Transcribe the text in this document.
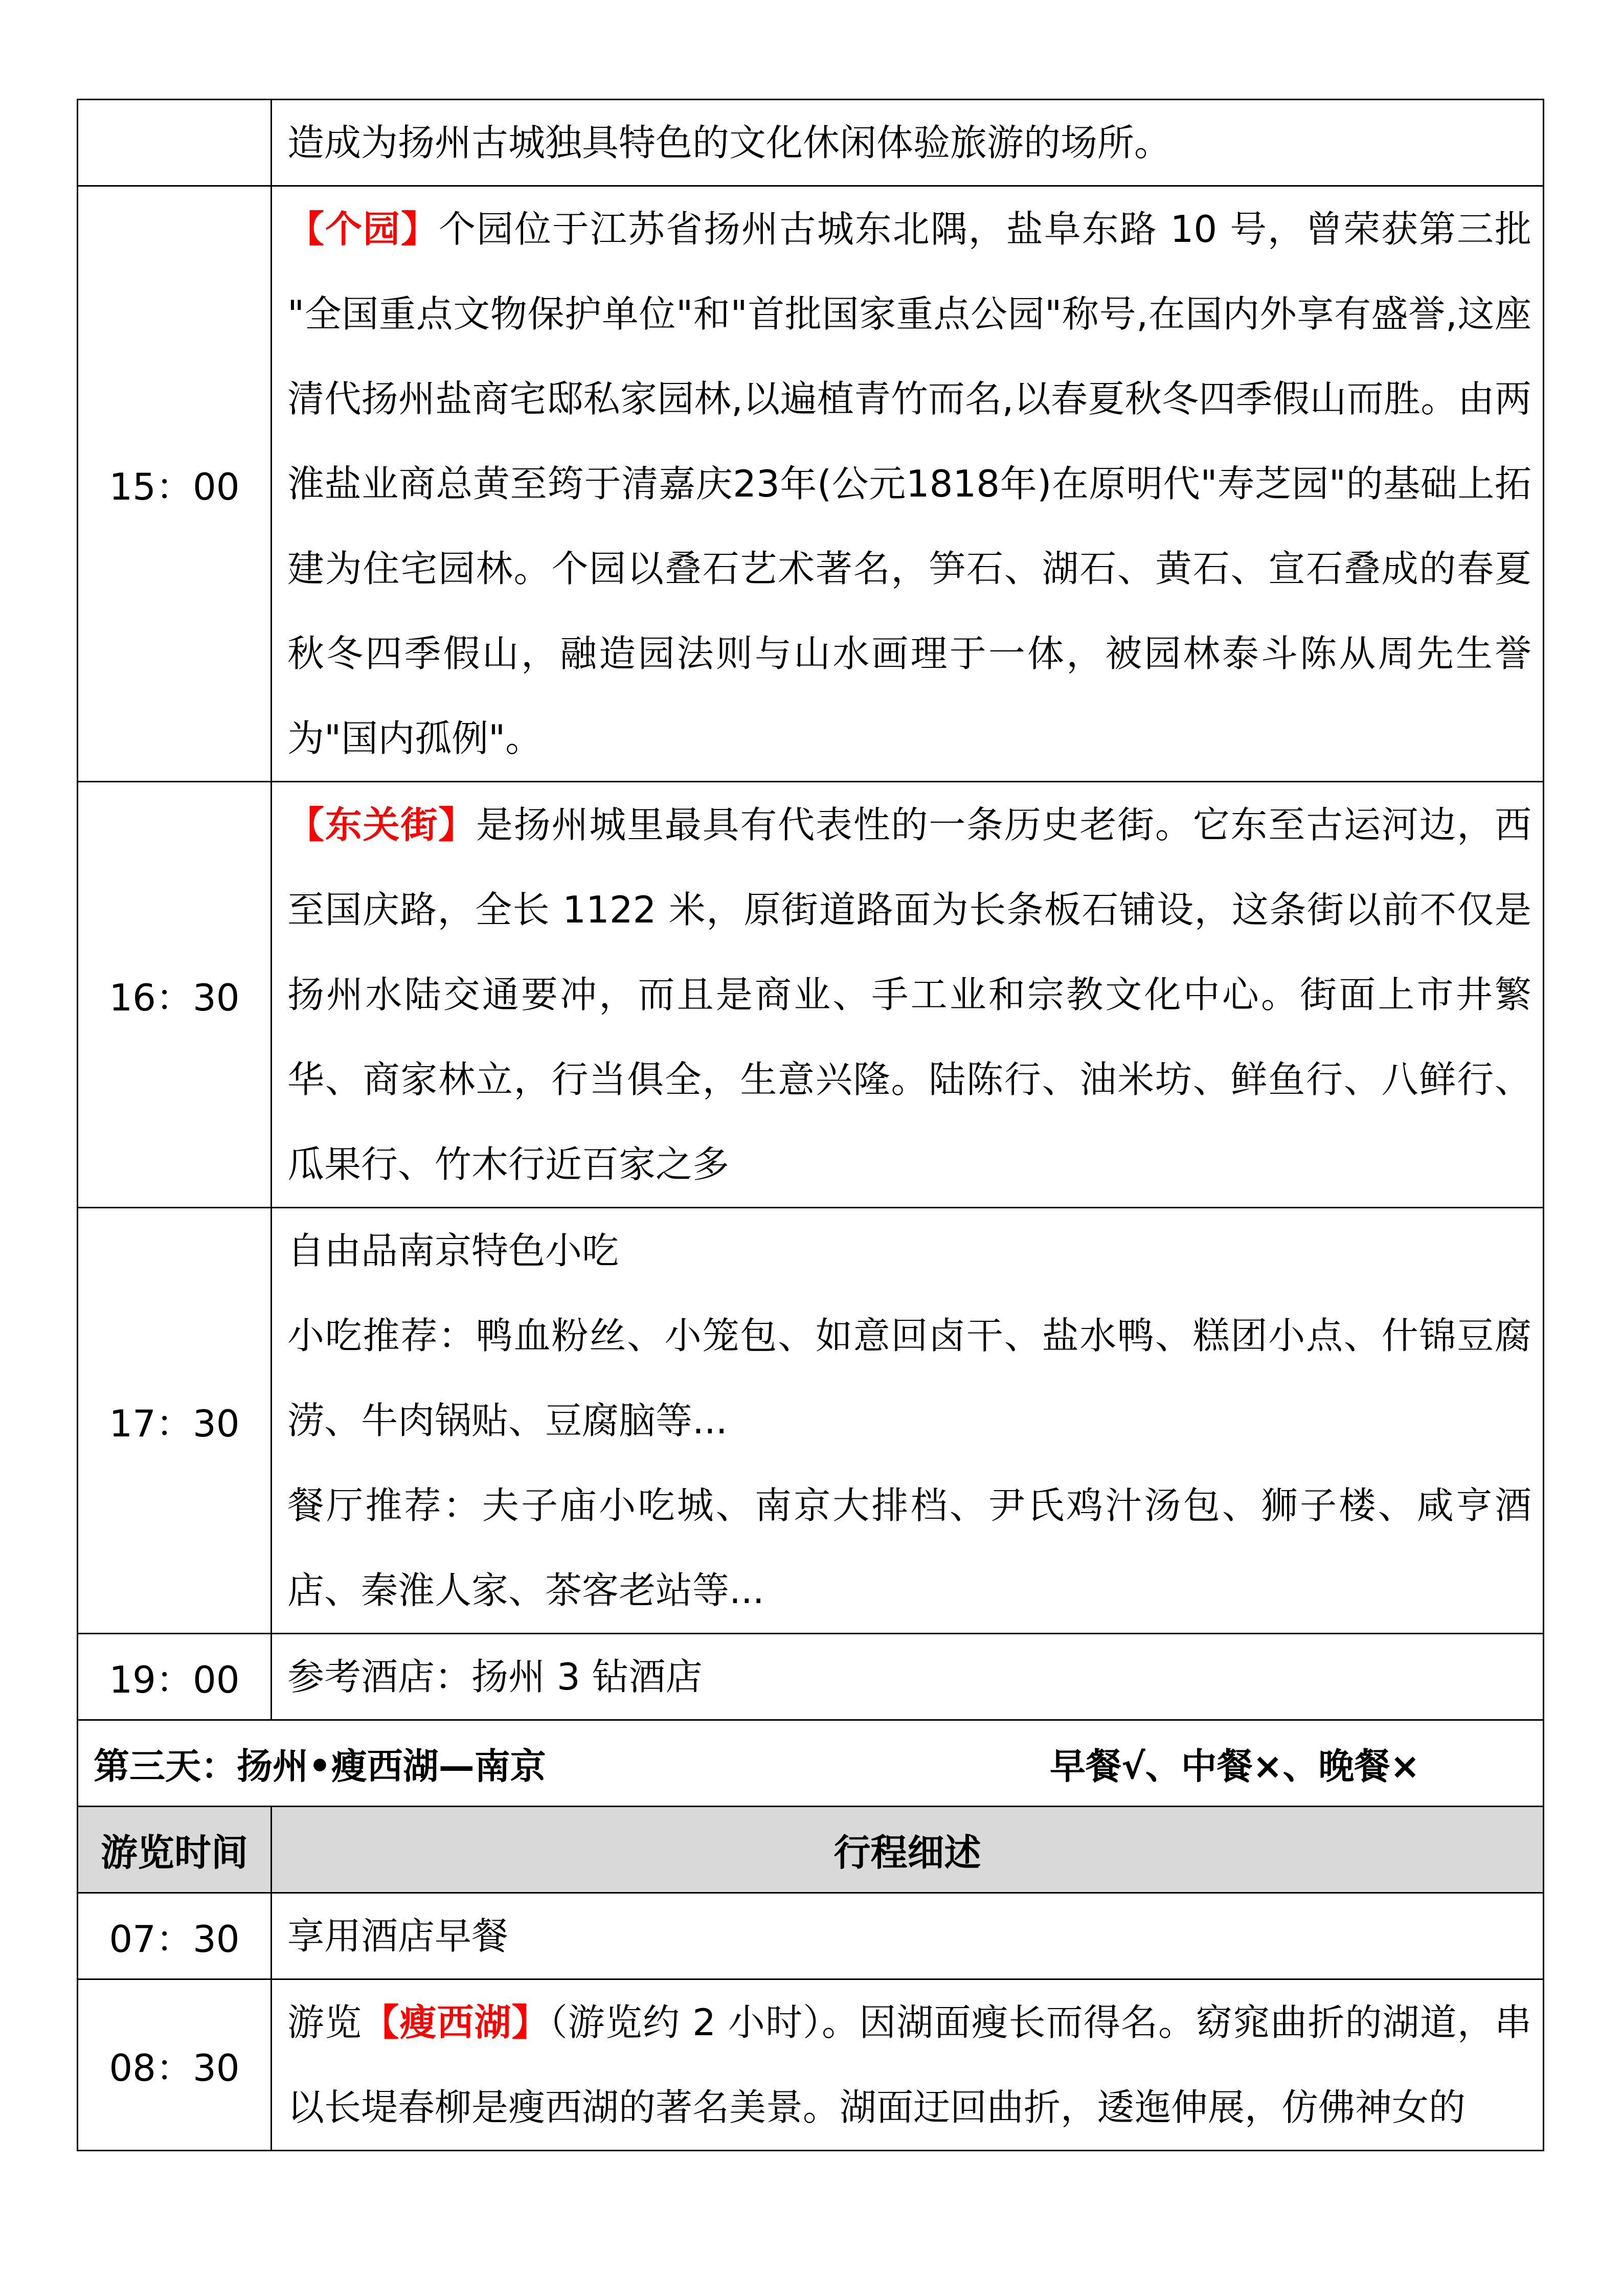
	造成为扬州古城独具特色的文化休闲体验旅游的场所。

15：00	【个园】个园位于江苏省扬州古城东北隅，盐阜东路 10 号，曾荣获第三批 "全国重点文物保护单位"和"首批国家重点公园"称号,在国内外享有盛誉,这座清代扬州盐商宅邸私家园林,以遍植青竹而名,以春夏秋冬四季假山而胜。由两淮盐业商总黄至筠于清嘉庆23年(公元1818年)在原明代"寿芝园"的基础上拓建为住宅园林。个园以叠石艺术著名，笋石、湖石、黄石、宣石叠成的春夏秋冬四季假山，融造园法则与山水画理于一体，被园林泰斗陈从周先生誉为"国内孤例"。
16：30	【东关街】是扬州城里最具有代表性的一条历史老街。它东至古运河边，西至国庆路，全长 1122 米，原街道路面为长条板石铺设，这条街以前不仅是扬州水陆交通要冲，而且是商业、手工业和宗教文化中心。街面上市井繁华、商家林立，行当俱全，生意兴隆。陆陈行、油米坊、鲜鱼行、八鲜行、瓜果行、竹木行近百家之多
17：30	自由品南京特色小吃
小吃推荐：鸭血粉丝、小笼包、如意回卤干、盐水鸭、糕团小点、什锦豆腐涝、牛肉锅贴、豆腐脑等...
餐厅推荐：夫子庙小吃城、南京大排档、尹氏鸡汁汤包、狮子楼、咸亨酒店、秦淮人家、茶客老站等...

19：00	参考酒店：扬州 3 钻酒店

第三天：扬州•瘦西湖—南京 早餐√、中餐×、晚餐×	

游览时间	行程细述
07：30	享用酒店早餐

08：30	游览【瘦西湖】（游览约 2 小时）。因湖面瘦长而得名。窈窕曲折的湖道，串以长堤春柳是瘦西湖的著名美景。湖面迂回曲折，逶迤伸展，仿佛神女的
